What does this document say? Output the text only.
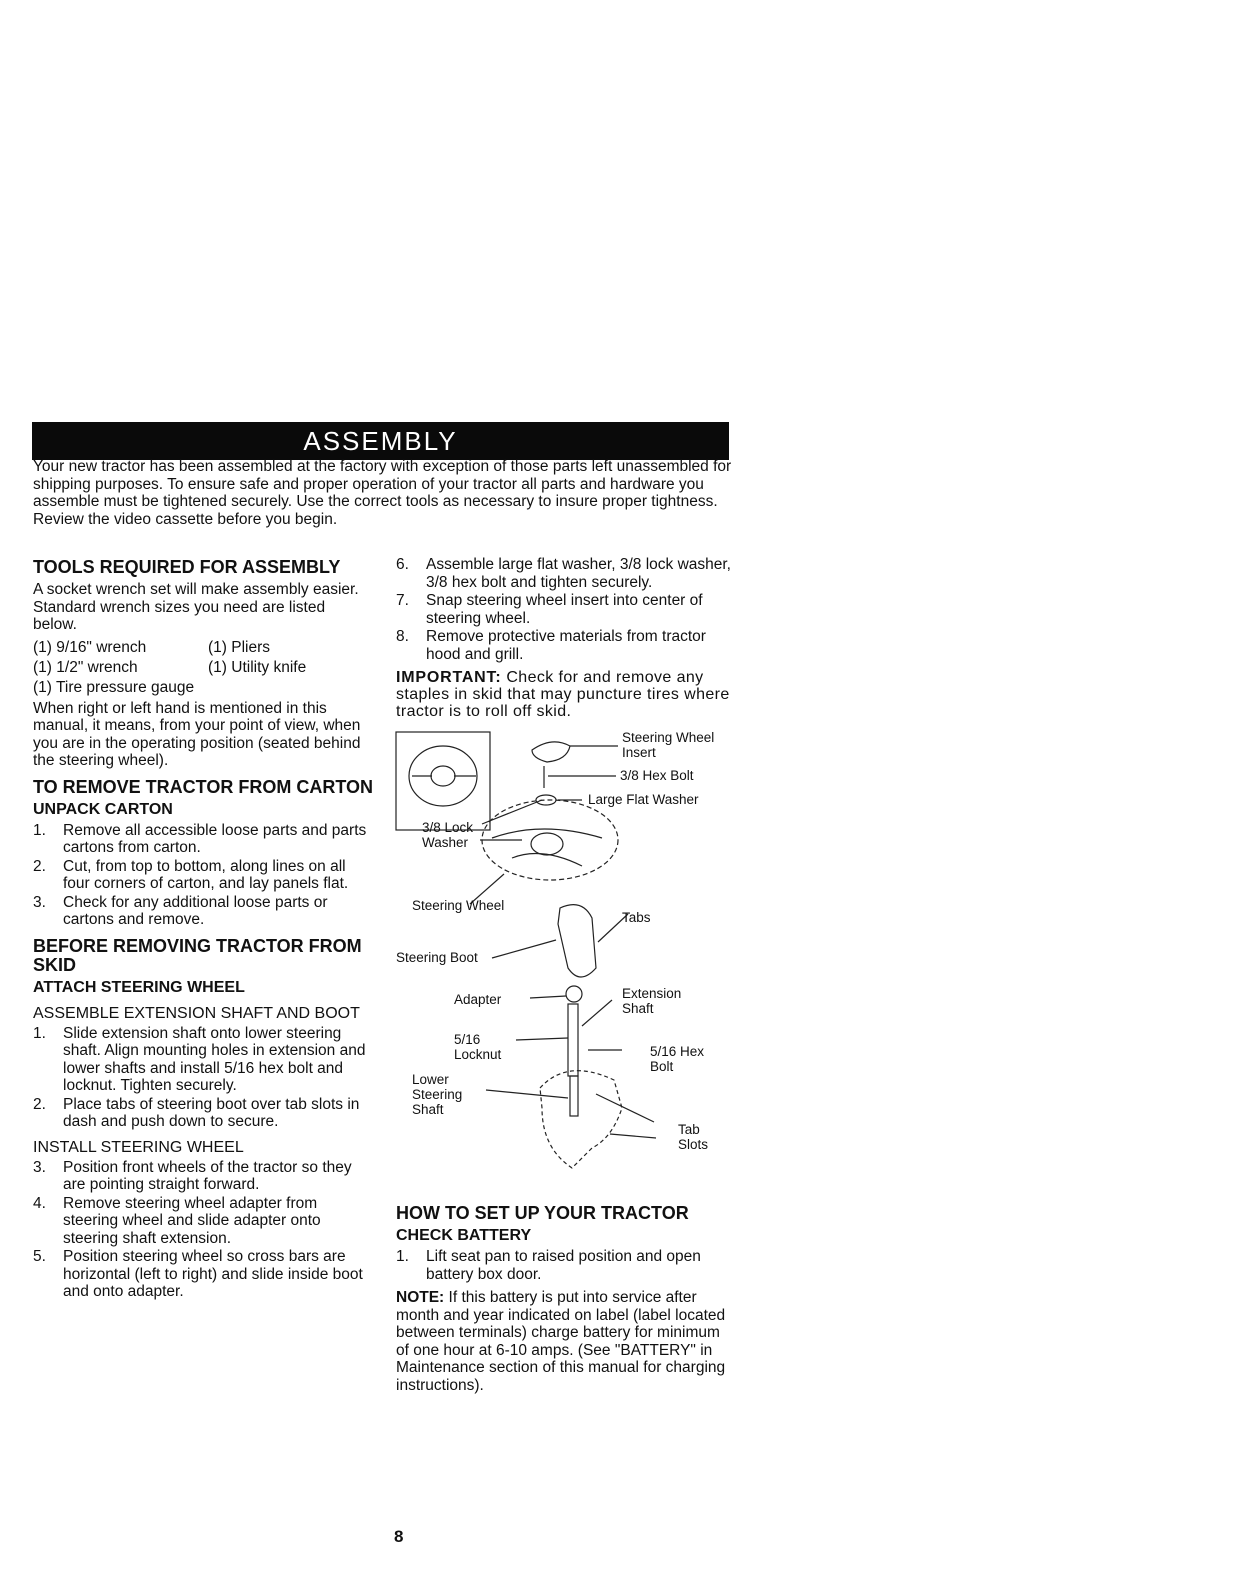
ASSEMBLY

Your new tractor has been assembled at the factory with exception of those parts left unassembled for shipping purposes. To ensure safe and proper operation of your tractor all parts and hardware you assemble must be tightened securely. Use the correct tools as necessary to insure proper tightness. Review the video cassette before you begin.

TOOLS REQUIRED FOR ASSEMBLY

A socket wrench set will make assembly easier. Standard wrench sizes you need are listed below.

(1) 9/16" wrench	(1) Pliers
(1) 1/2" wrench	(1) Utility knife
(1) Tire pressure gauge

When right or left hand is mentioned in this manual, it means, from your point of view, when you are in the operating position (seated behind the steering wheel).

TO REMOVE TRACTOR FROM CARTON
UNPACK CARTON
1.	Remove all accessible loose parts and parts cartons from carton.
2.	Cut, from top to bottom, along lines on all four corners of carton, and lay panels flat.
3.	Check for any additional loose parts or cartons and remove.
BEFORE REMOVING TRACTOR FROM SKID
ATTACH STEERING WHEEL
ASSEMBLE EXTENSION SHAFT AND BOOT
1.	Slide extension shaft onto lower steering shaft. Align mounting holes in extension and lower shafts and install 5/16 hex bolt and locknut. Tighten securely.
2.	Place tabs of steering boot over tab slots in dash and push down to secure.
INSTALL STEERING WHEEL
3.	Position front wheels of the tractor so they are pointing straight forward.
4.	Remove steering wheel adapter from steering wheel and slide adapter onto steering shaft extension.
5.	Position steering wheel so cross bars are horizontal (left to right) and slide inside boot and onto adapter.
6.	Assemble large flat washer, 3/8 lock washer, 3/8 hex bolt and tighten securely.
7.	Snap steering wheel insert into center of steering wheel.
8.	Remove protective materials from tractor hood and grill.

IMPORTANT: Check for and remove any staples in skid that may puncture tires where tractor is to roll off skid.

Steering Wheel Insert
3/8 Hex Bolt
Large Flat Washer
3/8 Lock Washer
Steering Wheel
Tabs
Steering Boot
Adapter	Extension Shaft
5/16 Locknut	5/16 Hex Bolt
Lower Steering Shaft
Tab Slots
HOW TO SET UP YOUR TRACTOR
CHECK BATTERY
1.	Lift seat pan to raised position and open battery box door.

NOTE: If this battery is put into service after month and year indicated on label (label located between terminals) charge battery for minimum of one hour at 6-10 amps. (See "BATTERY" in Maintenance section of this manual for charging instructions).

8
